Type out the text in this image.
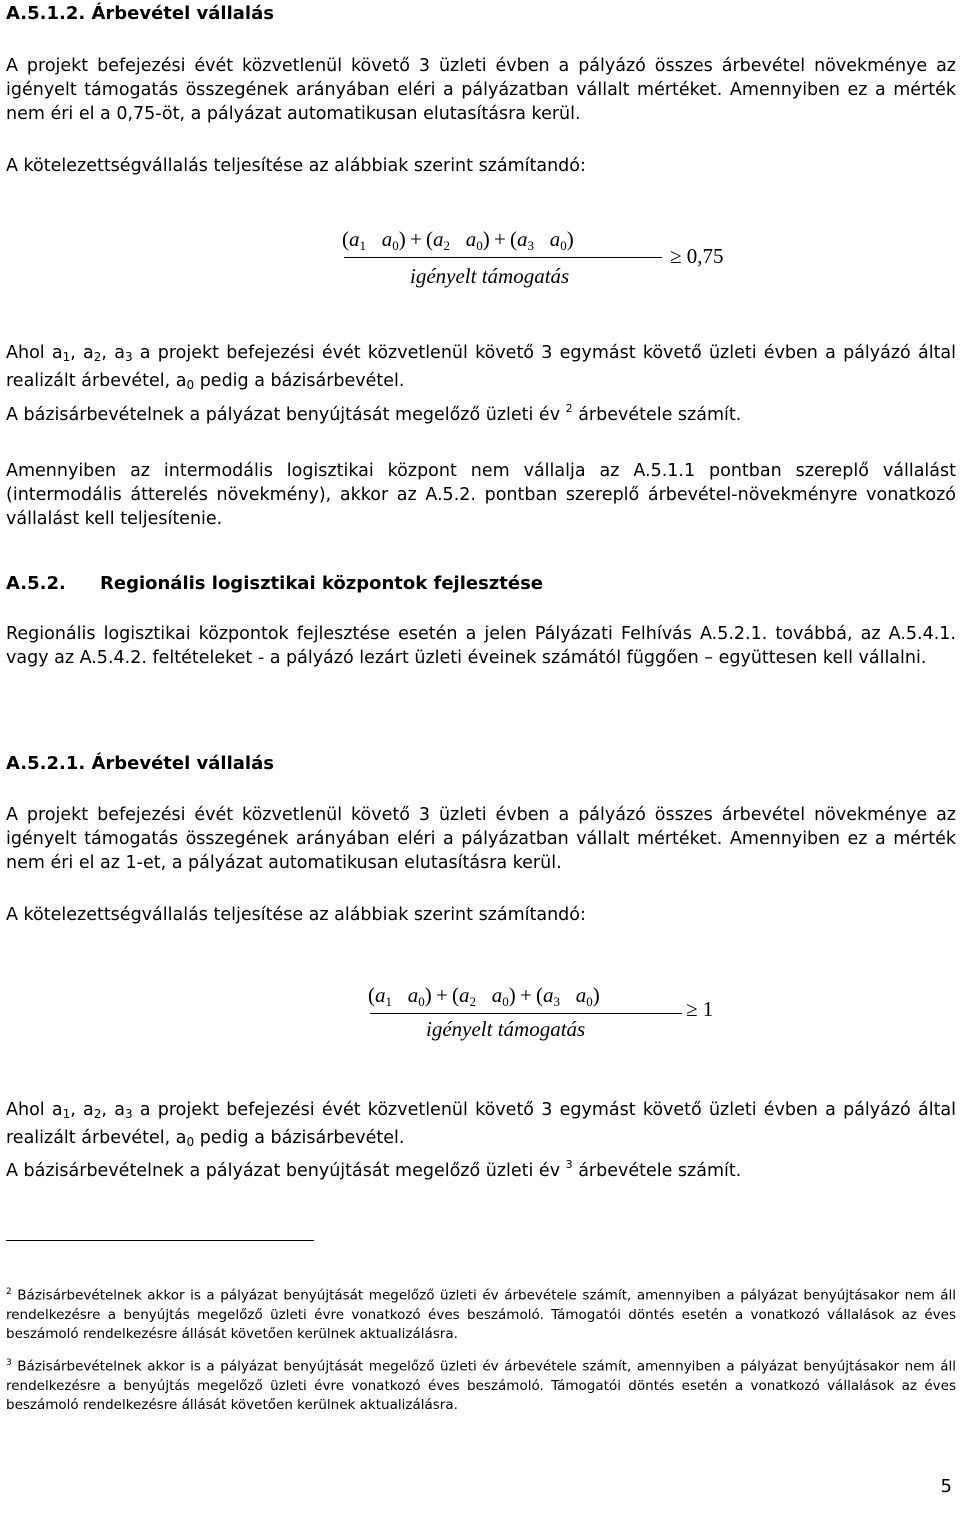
A.5.1.2. Árbevétel vállalás
A projekt befejezési évét közvetlenül követő 3 üzleti évben a pályázó összes árbevétel növekménye az igényelt támogatás összegének arányában eléri a pályázatban vállalt mértéket. Amennyiben ez a mérték nem éri el a 0,75-öt, a pályázat automatikusan elutasításra kerül.
A kötelezettségvállalás teljesítése az alábbiak szerint számítandó:
(a1 a0) + (a2 a0) + (a3 a0)
igényelt támogatás
≥ 0,75
Ahol a1, a2, a3 a projekt befejezési évét közvetlenül követő 3 egymást követő üzleti évben a pályázó által realizált árbevétel, a0 pedig a bázisárbevétel.
A bázisárbevételnek a pályázat benyújtását megelőző üzleti év $^2$ árbevétele számít.
Amennyiben az intermodális logisztikai központ nem vállalja az A.5.1.1 pontban szereplő vállalást (intermodális átterelés növekmény), akkor az A.5.2. pontban szereplő árbevétel-növekményre vonatkozó vállalást kell teljesítenie.
A.5.2. Regionális logisztikai központok fejlesztése
Regionális logisztikai központok fejlesztése esetén a jelen Pályázati Felhívás A.5.2.1. továbbá, az A.5.4.1. vagy az A.5.4.2. feltételeket - a pályázó lezárt üzleti éveinek számától függően – együttesen kell vállalni.
A.5.2.1. Árbevétel vállalás
A projekt befejezési évét közvetlenül követő 3 üzleti évben a pályázó összes árbevétel növekménye az igényelt támogatás összegének arányában eléri a pályázatban vállalt mértéket. Amennyiben ez a mérték nem éri el az 1-et, a pályázat automatikusan elutasításra kerül.
A kötelezettségvállalás teljesítése az alábbiak szerint számítandó:
(a1 a0) + (a2 a0) + (a3 a0)
igényelt támogatás
≥ 1
Ahol a1, a2, a3 a projekt befejezési évét közvetlenül követő 3 egymást követő üzleti évben a pályázó által realizált árbevétel, a0 pedig a bázisárbevétel.
A bázisárbevételnek a pályázat benyújtását megelőző üzleti év $^3$ árbevétele számít.
$^2$ Bázisárbevételnek akkor is a pályázat benyújtását megelőző üzleti év árbevétele számít, amennyiben a pályázat benyújtásakor nem áll rendelkezésre a benyújtás megelőző üzleti évre vonatkozó éves beszámoló. Támogatói döntés esetén a vonatkozó vállalások az éves beszámoló rendelkezésre állását követően kerülnek aktualizálásra.
$^3$ Bázisárbevételnek akkor is a pályázat benyújtását megelőző üzleti év árbevétele számít, amennyiben a pályázat benyújtásakor nem áll rendelkezésre a benyújtás megelőző üzleti évre vonatkozó éves beszámoló. Támogatói döntés esetén a vonatkozó vállalások az éves beszámoló rendelkezésre állását követően kerülnek aktualizálásra.
5
